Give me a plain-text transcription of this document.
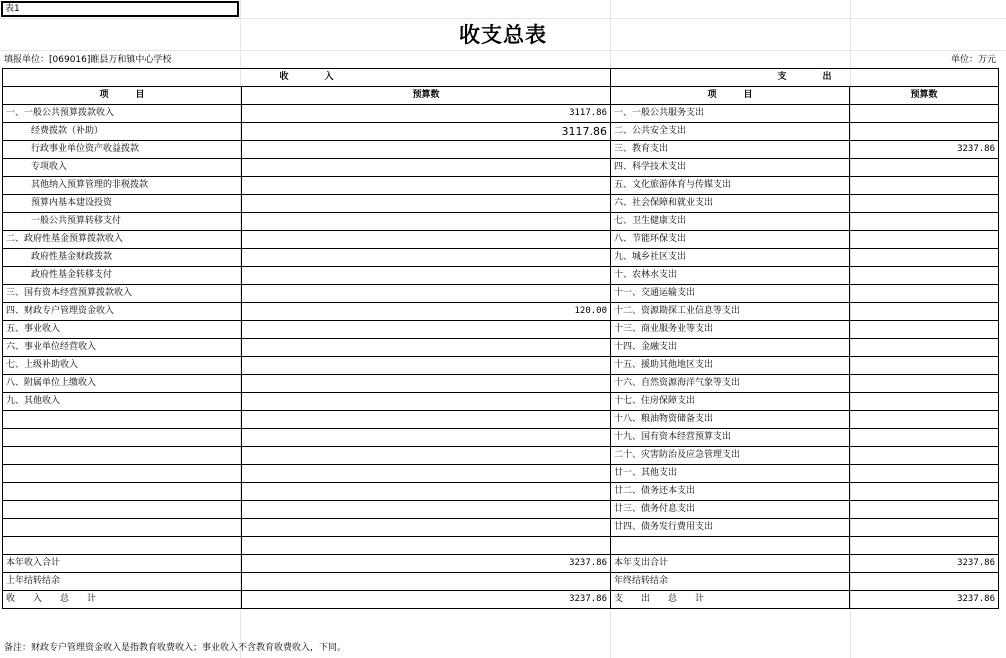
表1
收支总表
填报单位：[069016]睢县万和镇中心学校	单位：万元
收　　　　入		支　　　　出	
项　　　目	预算数	项　　　目	预算数
一、一般公共预算拨款收入	3117.86	一、一般公共服务支出	
经费拨款（补助）	3117.86	二、公共安全支出	
行政事业单位资产收益拨款		三、教育支出	3237.86
专项收入		四、科学技术支出	
其他纳入预算管理的非税拨款		五、文化旅游体育与传媒支出	
预算内基本建设投资		六、社会保障和就业支出	
一般公共预算转移支付		七、卫生健康支出	
二、政府性基金预算拨款收入		八、节能环保支出	
政府性基金财政拨款		九、城乡社区支出	
政府性基金转移支付		十、农林水支出	
三、国有资本经营预算拨款收入		十一、交通运输支出	
四、财政专户管理资金收入	120.00	十二、资源勘探工业信息等支出	
五、事业收入		十三、商业服务业等支出	
六、事业单位经营收入		十四、金融支出	
七、上级补助收入		十五、援助其他地区支出	
八、附属单位上缴收入		十六、自然资源海洋气象等支出	
九、其他收入		十七、住房保障支出	
		十八、粮油物资储备支出	
		十九、国有资本经营预算支出	
		二十、灾害防治及应急管理支出	
		廿一、其他支出	
		廿二、债务还本支出	
		廿三、债务付息支出	
		廿四、债务发行费用支出	

本年收入合计	3237.86	本年支出合计	3237.86
上年结转结余		年终结转结余	
收　　入　　总　　计	3237.86	支　　出　　总　　计	3237.86
备注：财政专户管理资金收入是指教育收费收入；事业收入不含教育收费收入，下同。
